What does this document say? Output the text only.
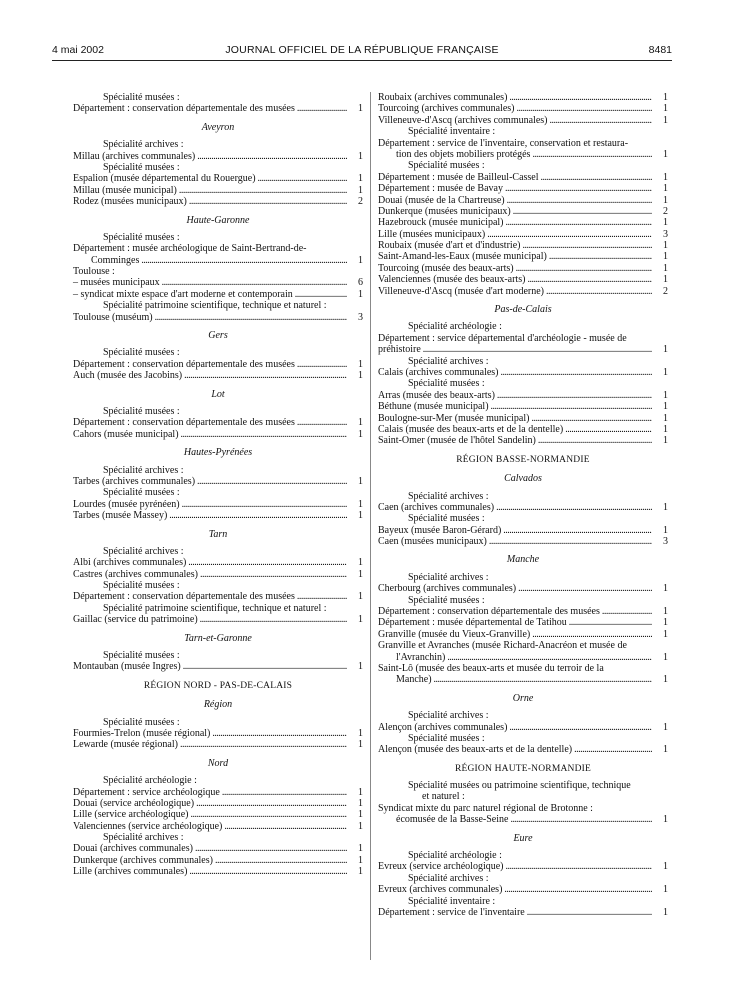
4 mai 2002	JOURNAL OFFICIEL DE LA RÉPUBLIQUE FRANÇAISE	8481
Spécialité musées :
Département : conservation départementale des musées . . .	1
Aveyron
Spécialité archives :
Millau (archives communales) . . .	1
Spécialité musées :
Espalion (musée départemental du Rouergue) . . .	1
Millau (musée municipal) . . .	1
Rodez (musées municipaux) . . .	2
Haute-Garonne
Spécialité musées :
Département : musée archéologique de Saint-Bertrand-de-
Comminges . . .	1
Toulouse :
– musées municipaux . . .	6
– syndicat mixte espace d'art moderne et contemporain . . .	1
Spécialité patrimoine scientifique, technique et naturel :
Toulouse (muséum) . . .	3
Gers
Spécialité musées :
Département : conservation départementale des musées . . .	1
Auch (musée des Jacobins) . . .	1
Lot
Spécialité musées :
Département : conservation départementale des musées . . .	1
Cahors (musée municipal) . . .	1
Hautes-Pyrénées
Spécialité archives :
Tarbes (archives communales) . . .	1
Spécialité musées :
Lourdes (musée pyrénéen) . . .	1
Tarbes (musée Massey) . . .	1
Tarn
Spécialité archives :
Albi (archives communales) . . .	1
Castres (archives communales) . . .	1
Spécialité musées :
Département : conservation départementale des musées . . .	1
Spécialité patrimoine scientifique, technique et naturel :
Gaillac (service du patrimoine) . . .	1
Tarn-et-Garonne
Spécialité musées :
Montauban (musée Ingres) . . .	1
RÉGION NORD - PAS-DE-CALAIS
Région
Spécialité musées :
Fourmies-Trelon (musée régional) . . .	1
Lewarde (musée régional) . . .	1
Nord
Spécialité archéologie :
Département : service archéologique . . .	1
Douai (service archéologique) . . .	1
Lille (service archéologique) . . .	1
Valenciennes (service archéologique) . . .	1
Spécialité archives :
Douai (archives communales) . . .	1
Dunkerque (archives communales) . . .	1
Lille (archives communales) . . .	1
Roubaix (archives communales) . . .	1
Tourcoing (archives communales) . . .	1
Villeneuve-d'Ascq (archives communales) . . .	1
Spécialité inventaire :
Département : service de l'inventaire, conservation et restaura-
tion des objets mobiliers protégés . . .	1
Spécialité musées :
Département : musée de Bailleul-Cassel . . .	1
Département : musée de Bavay . . .	1
Douai (musée de la Chartreuse) . . .	1
Dunkerque (musées municipaux) . . .	2
Hazebrouck (musée municipal) . . .	1
Lille (musées municipaux) . . .	3
Roubaix (musée d'art et d'industrie) . . .	1
Saint-Amand-les-Eaux (musée municipal) . . .	1
Tourcoing (musée des beaux-arts) . . .	1
Valenciennes (musée des beaux-arts) . . .	1
Villeneuve-d'Ascq (musée d'art moderne) . . .	2
Pas-de-Calais
Spécialité archéologie :
Département : service départemental d'archéologie - musée de
préhistoire . . .	1
Spécialité archives :
Calais (archives communales) . . .	1
Spécialité musées :
Arras (musée des beaux-arts) . . .	1
Béthune (musée municipal) . . .	1
Boulogne-sur-Mer (musée municipal) . . .	1
Calais (musée des beaux-arts et de la dentelle) . . .	1
Saint-Omer (musée de l'hôtel Sandelin) . . .	1
RÉGION BASSE-NORMANDIE
Calvados
Spécialité archives :
Caen (archives communales) . . .	1
Spécialité musées :
Bayeux (musée Baron-Gérard) . . .	1
Caen (musées municipaux) . . .	3
Manche
Spécialité archives :
Cherbourg (archives communales) . . .	1
Spécialité musées :
Département : conservation départementale des musées . . .	1
Département : musée départemental de Tatihou . . .	1
Granville (musée du Vieux-Granville) . . .	1
Granville et Avranches (musée Richard-Anacréon et musée de
l'Avranchin) . . .	1
Saint-Lô (musée des beaux-arts et musée du terroir de la
Manche) . . .	1
Orne
Spécialité archives :
Alençon (archives communales) . . .	1
Spécialité musées :
Alençon (musée des beaux-arts et de la dentelle) . . .	1
RÉGION HAUTE-NORMANDIE
Spécialité musées ou patrimoine scientifique, technique
et naturel :
Syndicat mixte du parc naturel régional de Brotonne :
écomusée de la Basse-Seine . . .	1
Eure
Spécialité archéologie :
Evreux (service archéologique) . . .	1
Spécialité archives :
Evreux (archives communales) . . .	1
Spécialité inventaire :
Département : service de l'inventaire . . .	1
